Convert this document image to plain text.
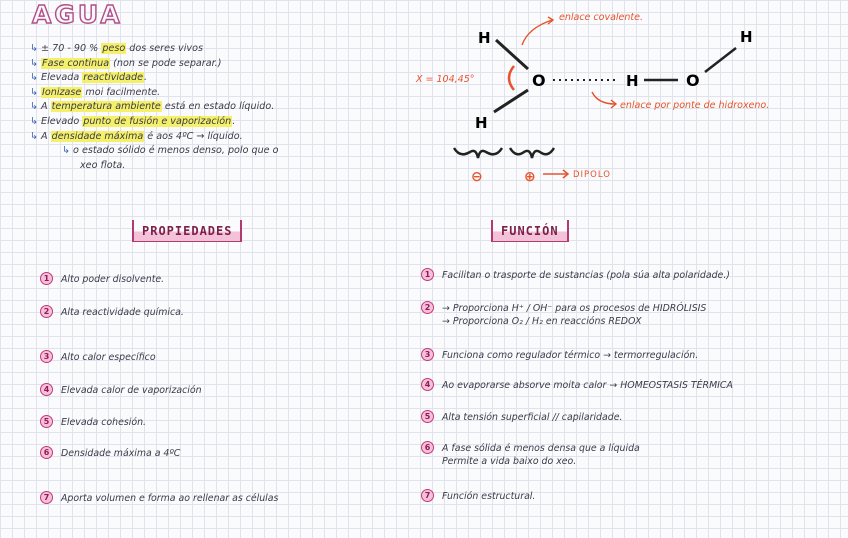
AGUA
↳ ± 70 - 90 % peso dos seres vivos
↳ Fase continua (non se pode separar.)
↳ Elevada reactividade.
↳ Ionizase moi facilmente.
↳ A temperatura ambiente está en estado líquido.
↳ Elevado punto de fusión e vaporización.
↳ A densidade máxima é aos 4ºC → líquido.
↳ o estado sólido é menos denso, polo que o
xeo flota.
H
H
O	H	O
H
X = 104,45°
enlace covalente.
enlace por ponte de hidroxeno.
⊖	⊕	DIPOLO
PROPIEDADES	FUNCIÓN
1	Alto poder disolvente.
2	Alta reactividade química.
3	Alto calor específico
4	Elevada calor de vaporización
5	Elevada cohesión.
6	Densidade máxima a 4ºC
7	Aporta volumen e forma ao rellenar as células
1	Facilitan o trasporte de sustancias (pola súa alta polaridade.)
2	→ Proporciona H⁺ / OH⁻ para os procesos de HIDRÓLISIS
→ Proporciona O₂ / H₂ en reaccións REDOX
3	Funciona como regulador térmico → termorregulación.
4	Ao evaporarse absorve moita calor → HOMEOSTASIS TÉRMICA
5	Alta tensión superficial // capilaridade.
6	A fase sólida é menos densa que a líquida
Permite a vida baixo do xeo.
7	Función estructural.
